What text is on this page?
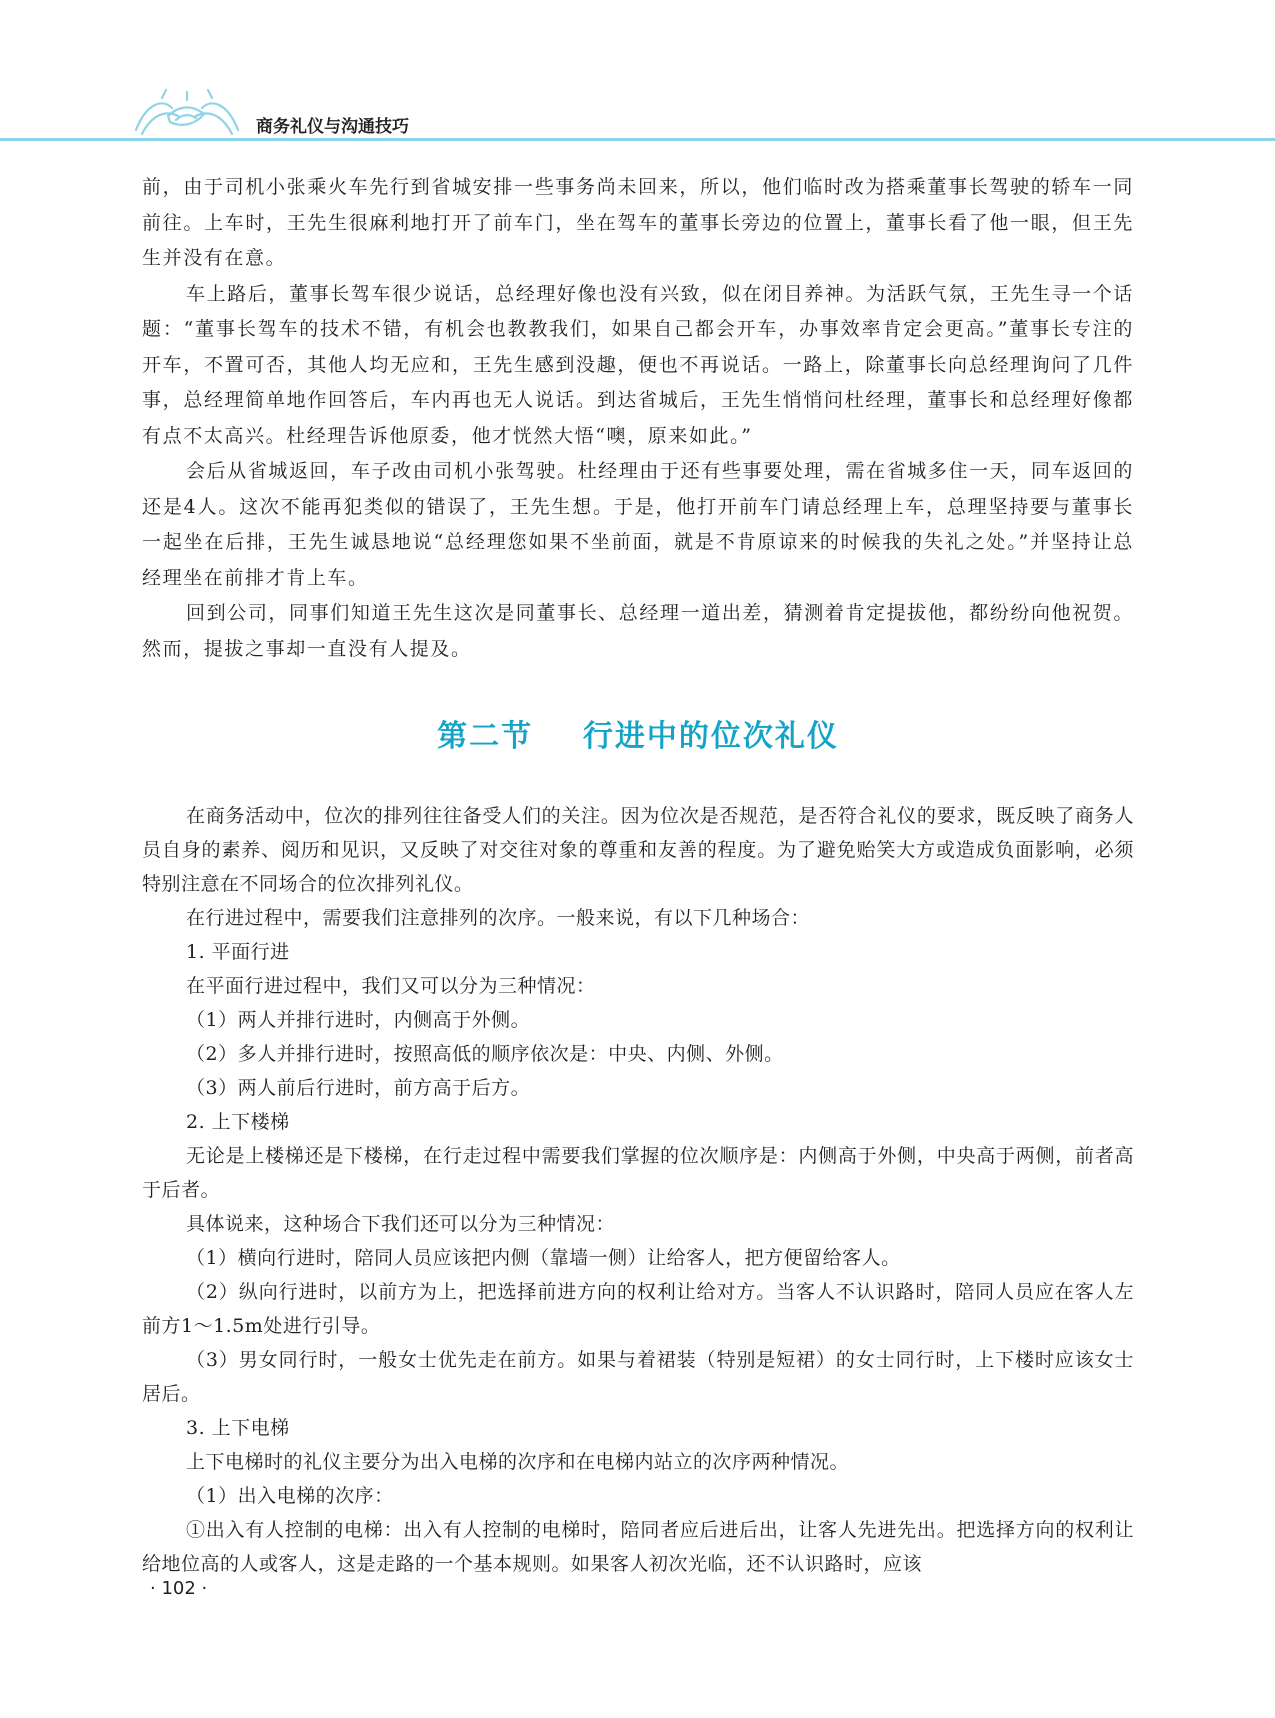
商务礼仪与沟通技巧

前，由于司机小张乘火车先行到省城安排一些事务尚未回来，所以，他们临时改为搭乘董事长驾驶的轿车一同前往。上车时，王先生很麻利地打开了前车门，坐在驾车的董事长旁边的位置上，董事长看了他一眼，但王先生并没有在意。

车上路后，董事长驾车很少说话，总经理好像也没有兴致，似在闭目养神。为活跃气氛，王先生寻一个话题：“董事长驾车的技术不错，有机会也教教我们，如果自己都会开车，办事效率肯定会更高。”董事长专注的开车，不置可否，其他人均无应和，王先生感到没趣，便也不再说话。一路上，除董事长向总经理询问了几件事，总经理简单地作回答后，车内再也无人说话。到达省城后，王先生悄悄问杜经理，董事长和总经理好像都有点不太高兴。杜经理告诉他原委，他才恍然大悟“噢，原来如此。”

会后从省城返回，车子改由司机小张驾驶。杜经理由于还有些事要处理，需在省城多住一天，同车返回的还是4人。这次不能再犯类似的错误了，王先生想。于是，他打开前车门请总经理上车，总理坚持要与董事长一起坐在后排，王先生诚恳地说“总经理您如果不坐前面，就是不肯原谅来的时候我的失礼之处。”并坚持让总经理坐在前排才肯上车。

回到公司，同事们知道王先生这次是同董事长、总经理一道出差，猜测着肯定提拔他，都纷纷向他祝贺。然而，提拔之事却一直没有人提及。

第二节    行进中的位次礼仪

在商务活动中，位次的排列往往备受人们的关注。因为位次是否规范，是否符合礼仪的要求，既反映了商务人员自身的素养、阅历和见识，又反映了对交往对象的尊重和友善的程度。为了避免贻笑大方或造成负面影响，必须特别注意在不同场合的位次排列礼仪。

在行进过程中，需要我们注意排列的次序。一般来说，有以下几种场合：

1. 平面行进

在平面行进过程中，我们又可以分为三种情况：

（1）两人并排行进时，内侧高于外侧。

（2）多人并排行进时，按照高低的顺序依次是：中央、内侧、外侧。

（3）两人前后行进时，前方高于后方。

2. 上下楼梯

无论是上楼梯还是下楼梯，在行走过程中需要我们掌握的位次顺序是：内侧高于外侧，中央高于两侧，前者高于后者。

具体说来，这种场合下我们还可以分为三种情况：

（1）横向行进时，陪同人员应该把内侧（靠墙一侧）让给客人，把方便留给客人。

（2）纵向行进时，以前方为上，把选择前进方向的权利让给对方。当客人不认识路时，陪同人员应在客人左前方1～1.5m处进行引导。

（3）男女同行时，一般女士优先走在前方。如果与着裙装（特别是短裙）的女士同行时，上下楼时应该女士居后。

3. 上下电梯

上下电梯时的礼仪主要分为出入电梯的次序和在电梯内站立的次序两种情况。

（1）出入电梯的次序：

①出入有人控制的电梯：出入有人控制的电梯时，陪同者应后进后出，让客人先进先出。把选择方向的权利让给地位高的人或客人，这是走路的一个基本规则。如果客人初次光临，还不认识路时，应该

· 102 ·
